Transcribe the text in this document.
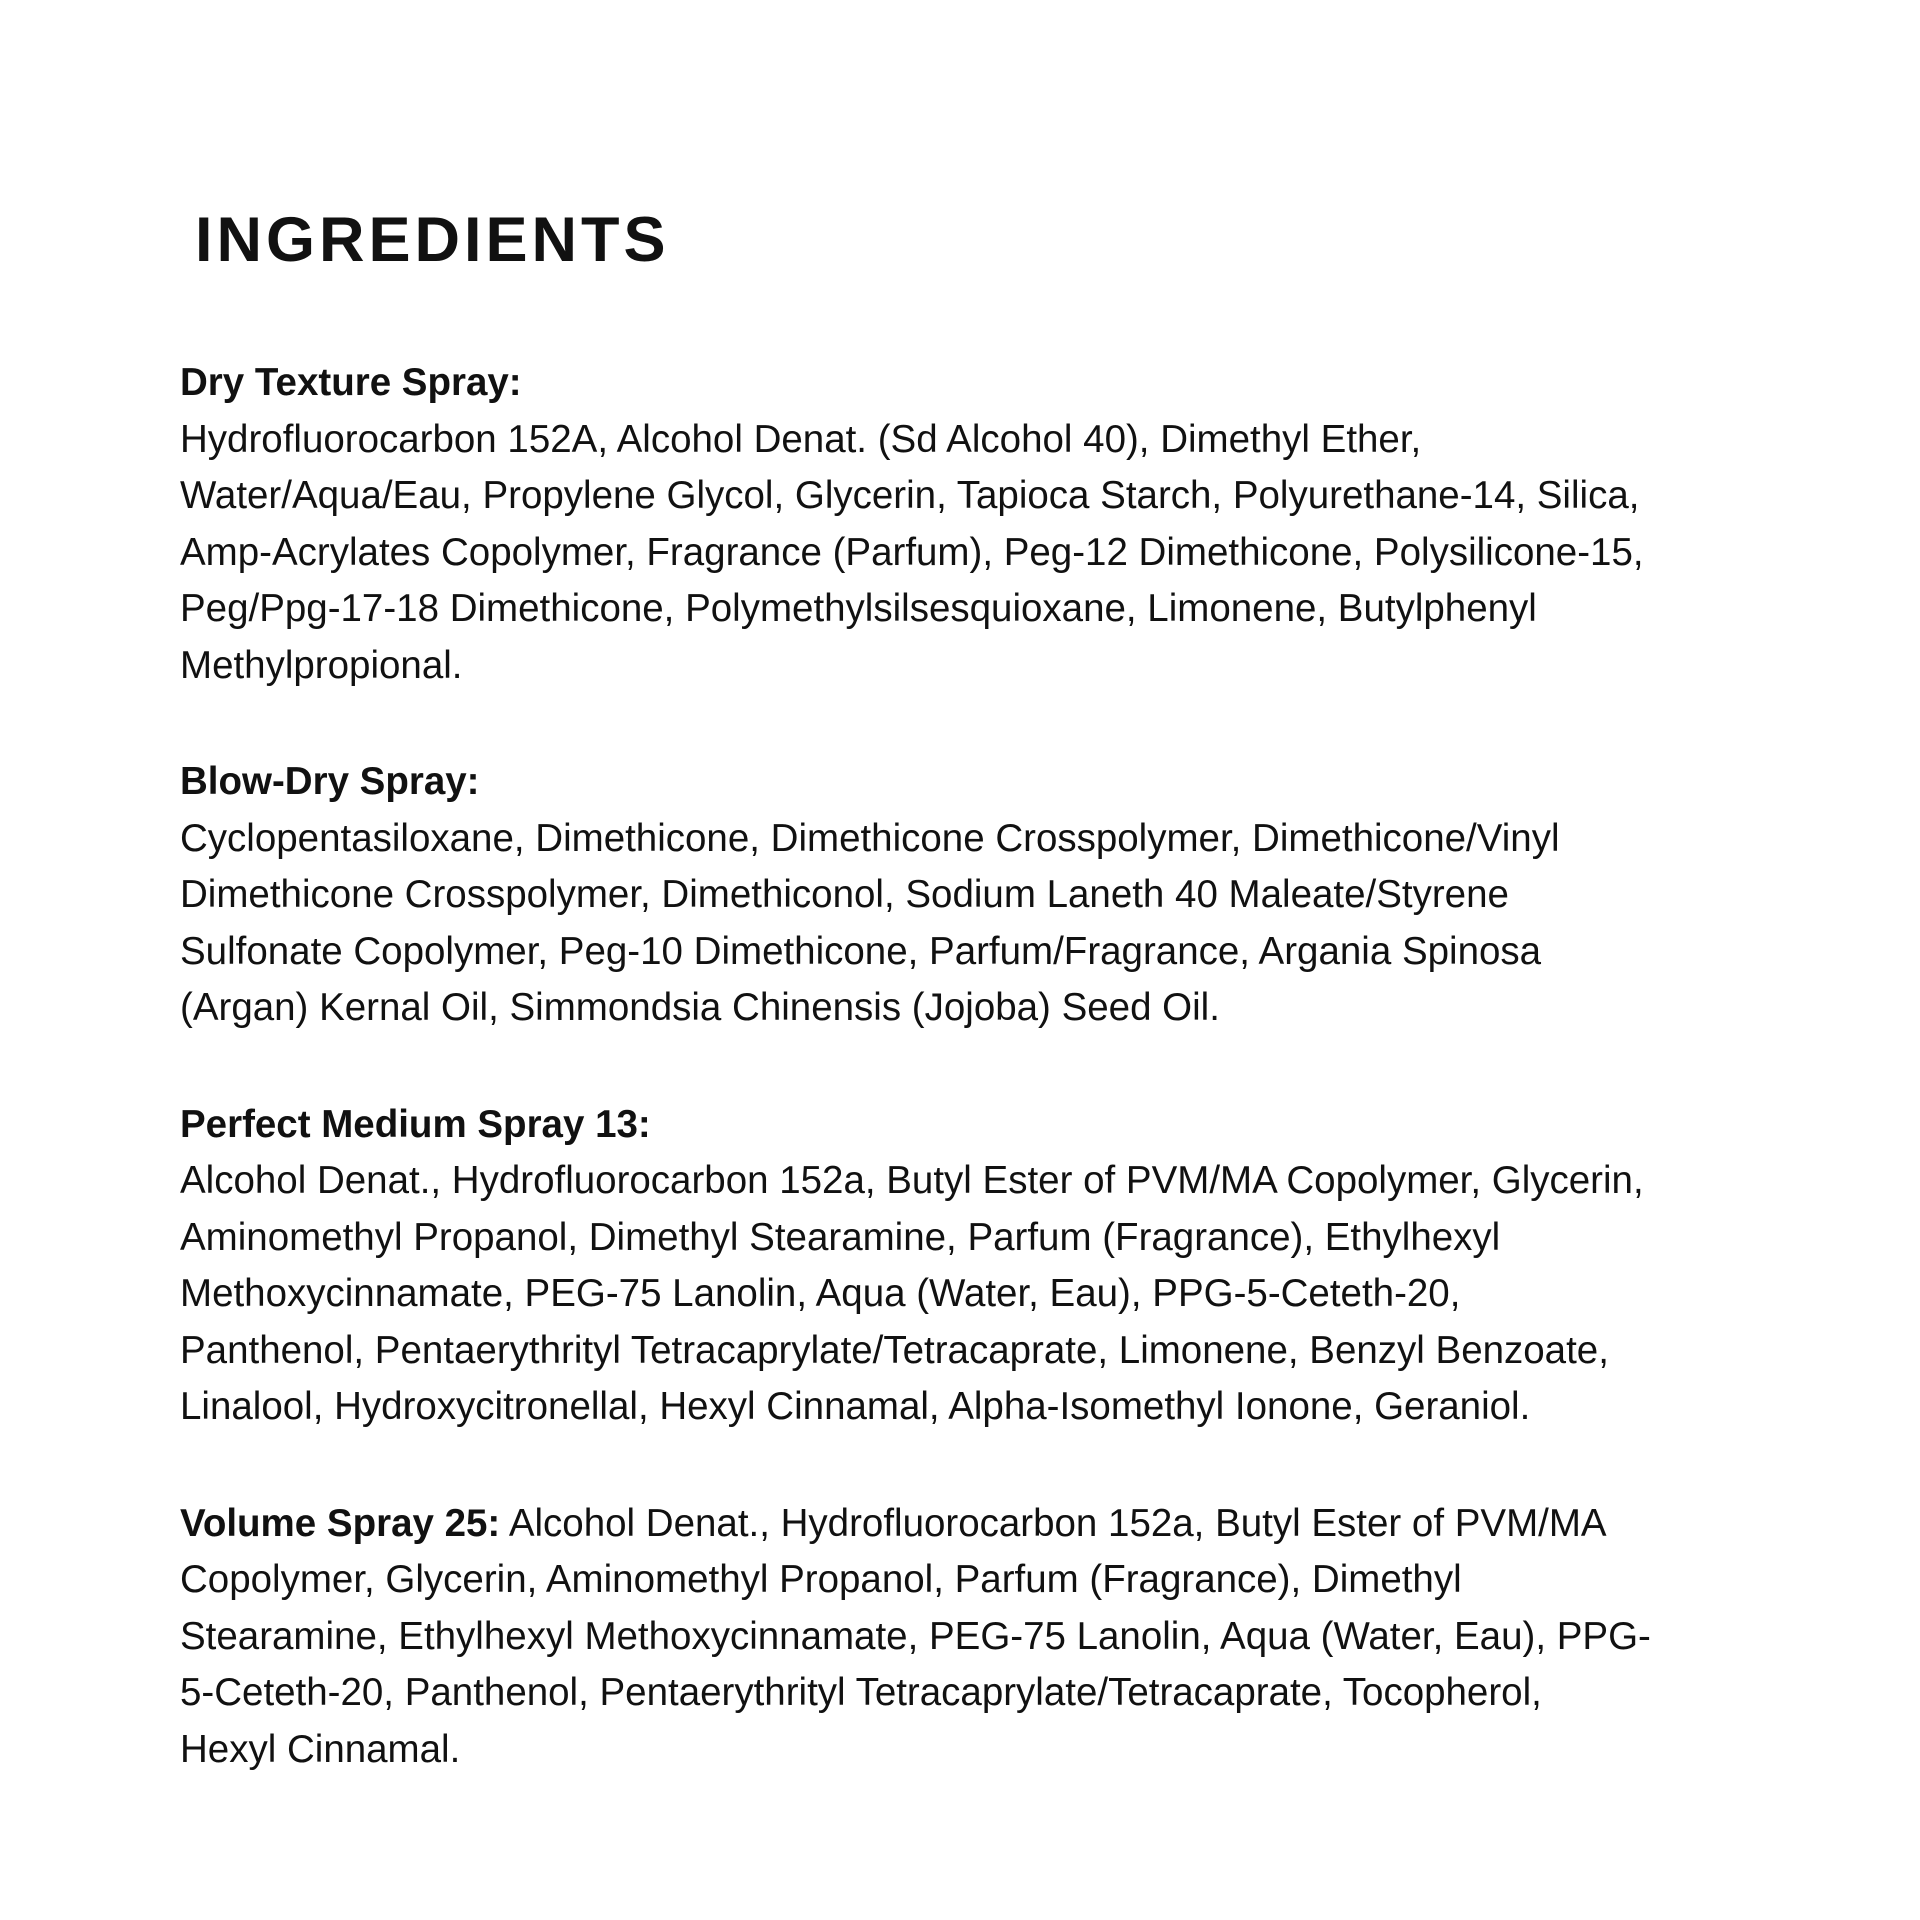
INGREDIENTS

Dry Texture Spray:

Hydrofluorocarbon 152A, Alcohol Denat. (Sd Alcohol 40), Dimethyl Ether,
Water/Aqua/Eau, Propylene Glycol, Glycerin, Tapioca Starch, Polyurethane-14, Silica,
Amp-Acrylates Copolymer, Fragrance (Parfum), Peg-12 Dimethicone, Polysilicone-15,
Peg/Ppg-17-18 Dimethicone, Polymethylsilsesquioxane, Limonene, Butylphenyl
Methylpropional.

Blow-Dry Spray:

Cyclopentasiloxane, Dimethicone, Dimethicone Crosspolymer, Dimethicone/Vinyl
Dimethicone Crosspolymer, Dimethiconol, Sodium Laneth 40 Maleate/Styrene
Sulfonate Copolymer, Peg-10 Dimethicone, Parfum/Fragrance, Argania Spinosa
(Argan) Kernal Oil, Simmondsia Chinensis (Jojoba) Seed Oil.

Perfect Medium Spray 13:

Alcohol Denat., Hydrofluorocarbon 152a, Butyl Ester of PVM/MA Copolymer, Glycerin,
Aminomethyl Propanol, Dimethyl Stearamine, Parfum (Fragrance), Ethylhexyl
Methoxycinnamate, PEG-75 Lanolin, Aqua (Water, Eau), PPG-5-Ceteth-20,
Panthenol, Pentaerythrityl Tetracaprylate/Tetracaprate, Limonene, Benzyl Benzoate,
Linalool, Hydroxycitronellal, Hexyl Cinnamal, Alpha-Isomethyl Ionone, Geraniol.

Volume Spray 25: Alcohol Denat., Hydrofluorocarbon 152a, Butyl Ester of PVM/MA
Copolymer, Glycerin, Aminomethyl Propanol, Parfum (Fragrance), Dimethyl
Stearamine, Ethylhexyl Methoxycinnamate, PEG-75 Lanolin, Aqua (Water, Eau), PPG-
5-Ceteth-20, Panthenol, Pentaerythrityl Tetracaprylate/Tetracaprate, Tocopherol,
Hexyl Cinnamal.
